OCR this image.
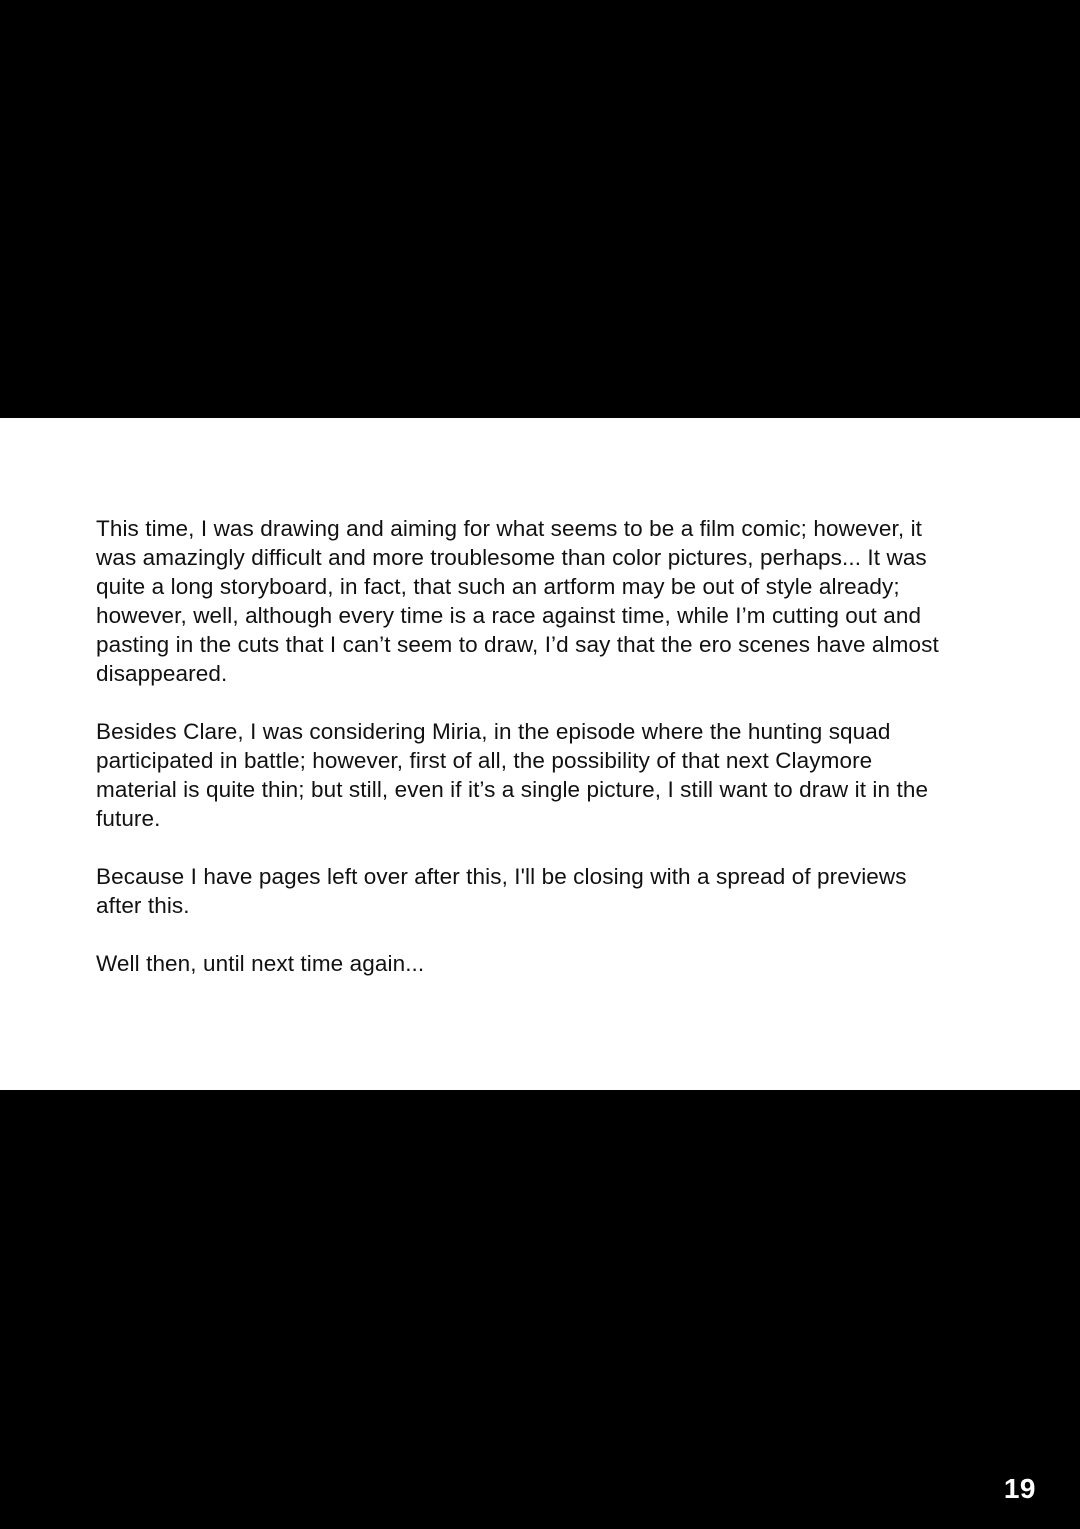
This time, I was drawing and aiming for what seems to be a film comic; however, it was amazingly difficult and more troublesome than color pictures, perhaps... It was quite a long storyboard, in fact, that such an artform may be out of style already; however, well, although every time is a race against time, while I’m cutting out and pasting in the cuts that I can’t seem to draw, I’d say that the ero scenes have almost disappeared.

Besides Clare, I was considering Miria, in the episode where the hunting squad participated in battle; however, first of all, the possibility of that next Claymore material is quite thin; but still, even if it’s a single picture, I still want to draw it in the future.

Because I have pages left over after this, I'll be closing with a spread of previews after this.

Well then, until next time again...

19
